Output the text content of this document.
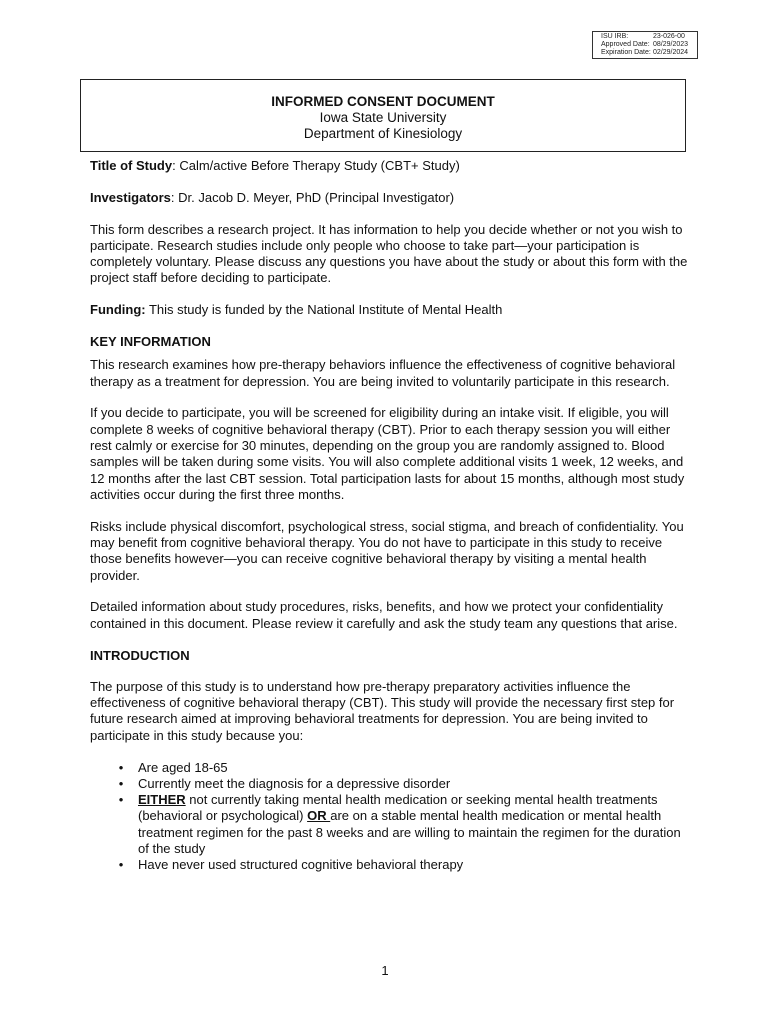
ISU IRB:	23-026-00
Approved Date: 08/29/2023
Expiration Date: 02/29/2024
INFORMED CONSENT DOCUMENT
Iowa State University
Department of Kinesiology

Title of Study: Calm/active Before Therapy Study (CBT+ Study)

Investigators: Dr. Jacob D. Meyer, PhD (Principal Investigator)

This form describes a research project. It has information to help you decide whether or not you wish to participate. Research studies include only people who choose to take part—your participation is completely voluntary. Please discuss any questions you have about the study or about this form with the project staff before deciding to participate.

Funding: This study is funded by the National Institute of Mental Health

KEY INFORMATION

This research examines how pre-therapy behaviors influence the effectiveness of cognitive behavioral therapy as a treatment for depression. You are being invited to voluntarily participate in this research.

If you decide to participate, you will be screened for eligibility during an intake visit. If eligible, you will complete 8 weeks of cognitive behavioral therapy (CBT). Prior to each therapy session you will either rest calmly or exercise for 30 minutes, depending on the group you are randomly assigned to. Blood samples will be taken during some visits. You will also complete additional visits 1 week, 12 weeks, and 12 months after the last CBT session. Total participation lasts for about 15 months, although most study activities occur during the first three months.

Risks include physical discomfort, psychological stress, social stigma, and breach of confidentiality. You may benefit from cognitive behavioral therapy. You do not have to participate in this study to receive those benefits however—you can receive cognitive behavioral therapy by visiting a mental health provider.

Detailed information about study procedures, risks, benefits, and how we protect your confidentiality contained in this document. Please review it carefully and ask the study team any questions that arise.

INTRODUCTION

The purpose of this study is to understand how pre-therapy preparatory activities influence the effectiveness of cognitive behavioral therapy (CBT). This study will provide the necessary first step for future research aimed at improving behavioral treatments for depression. You are being invited to participate in this study because you:

• Are aged 18-65
• Currently meet the diagnosis for a depressive disorder
• EITHER not currently taking mental health medication or seeking mental health treatments (behavioral or psychological) OR are on a stable mental health medication or mental health treatment regimen for the past 8 weeks and are willing to maintain the regimen for the duration of the study
• Have never used structured cognitive behavioral therapy
1
